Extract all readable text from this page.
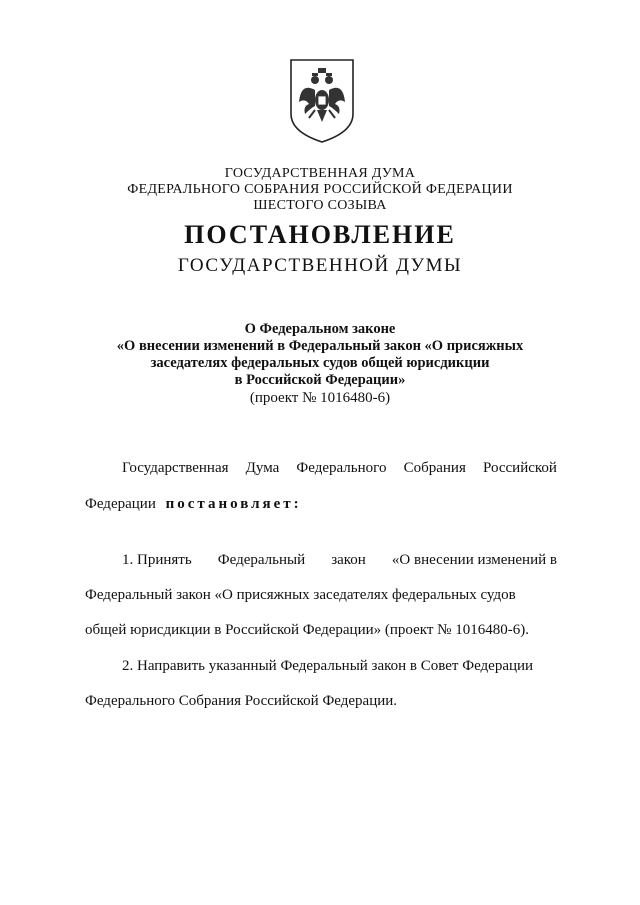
ГОСУДАРСТВЕННАЯ ДУМА
ФЕДЕРАЛЬНОГО СОБРАНИЯ РОССИЙСКОЙ ФЕДЕРАЦИИ
ШЕСТОГО СОЗЫВА
ПОСТАНОВЛЕНИЕ
ГОСУДАРСТВЕННОЙ ДУМЫ
О Федеральном законе
«О внесении изменений в Федеральный закон «О присяжных
заседателях федеральных судов общей юрисдикции
в Российской Федерации»
(проект № 1016480-6)
Государственная Дума Федерального Собрания Российской
Федерации постановляет:
1. Принять Федеральный закон «О внесении изменений в
Федеральный закон «О присяжных заседателях федеральных судов
общей юрисдикции в Российской Федерации» (проект № 1016480-6).
2. Направить указанный Федеральный закон в Совет Федерации
Федерального Собрания Российской Федерации.
